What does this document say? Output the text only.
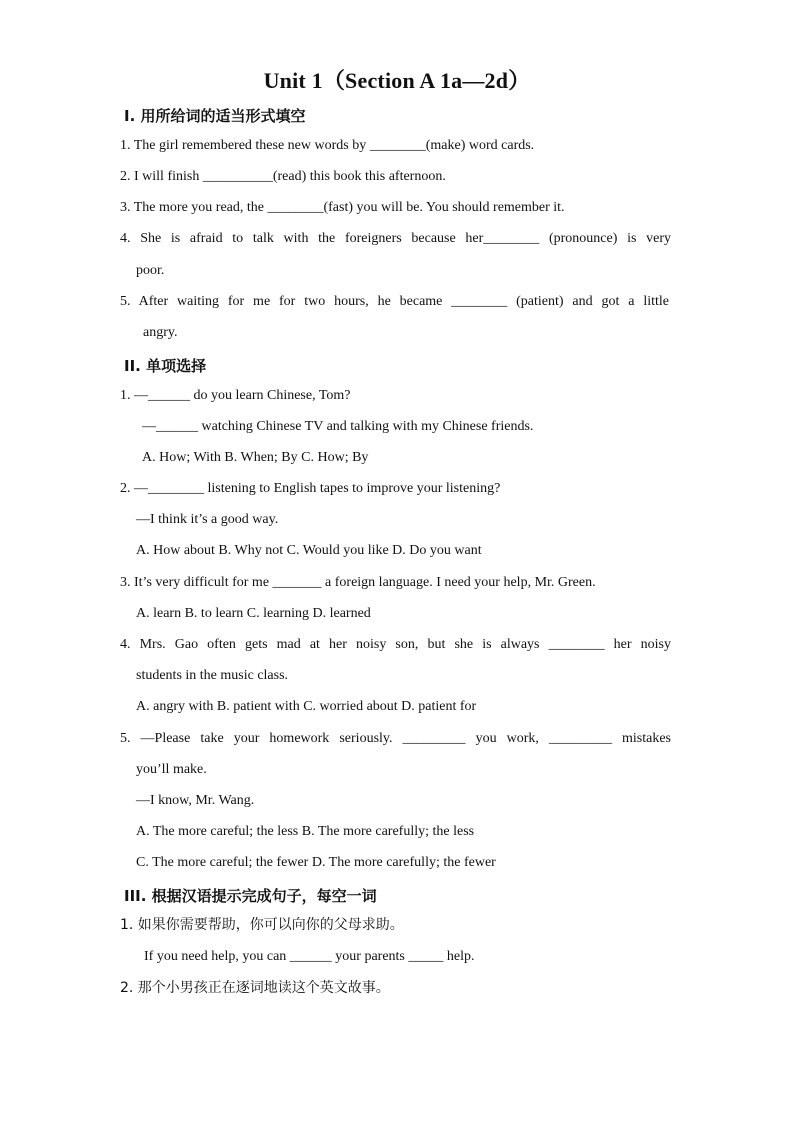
Unit 1（Section A 1a—2d）
Ⅰ. 用所给词的适当形式填空
1. The girl remembered these new words by ________(make) word cards.
2. I will finish __________(read) this book this afternoon.
3. The more you read, the ________(fast) you will be. You should remember it.
4. She is afraid to talk with the foreigners because her________ (pronounce) is very
poor.
5. After waiting for me for two hours, he became ________ (patient) and got a little
angry.
II. 单项选择
1. —______ do you learn Chinese, Tom?
—______ watching Chinese TV and talking with my Chinese friends.
A. How; With B. When; By C. How; By
2. —________ listening to English tapes to improve your listening?
—I think it’s a good way.
A. How about B. Why not C. Would you like D. Do you want
3. It’s very difficult for me _______ a foreign language. I need your help, Mr. Green.
A. learn B. to learn C. learning D. learned
4. Mrs. Gao often gets mad at her noisy son, but she is always ________ her noisy
students in the music class.
A. angry with B. patient with C. worried about D. patient for
5. —Please take your homework seriously. _________ you work, _________ mistakes
you’ll make.
—I know, Mr. Wang.
A. The more careful; the less B. The more carefully; the less
C. The more careful; the fewer D. The more carefully; the fewer
III. 根据汉语提示完成句子，每空一词
1. 如果你需要帮助，你可以向你的父母求助。
If you need help, you can ______ your parents _____ help.
2. 那个小男孩正在逐词地读这个英文故事。
